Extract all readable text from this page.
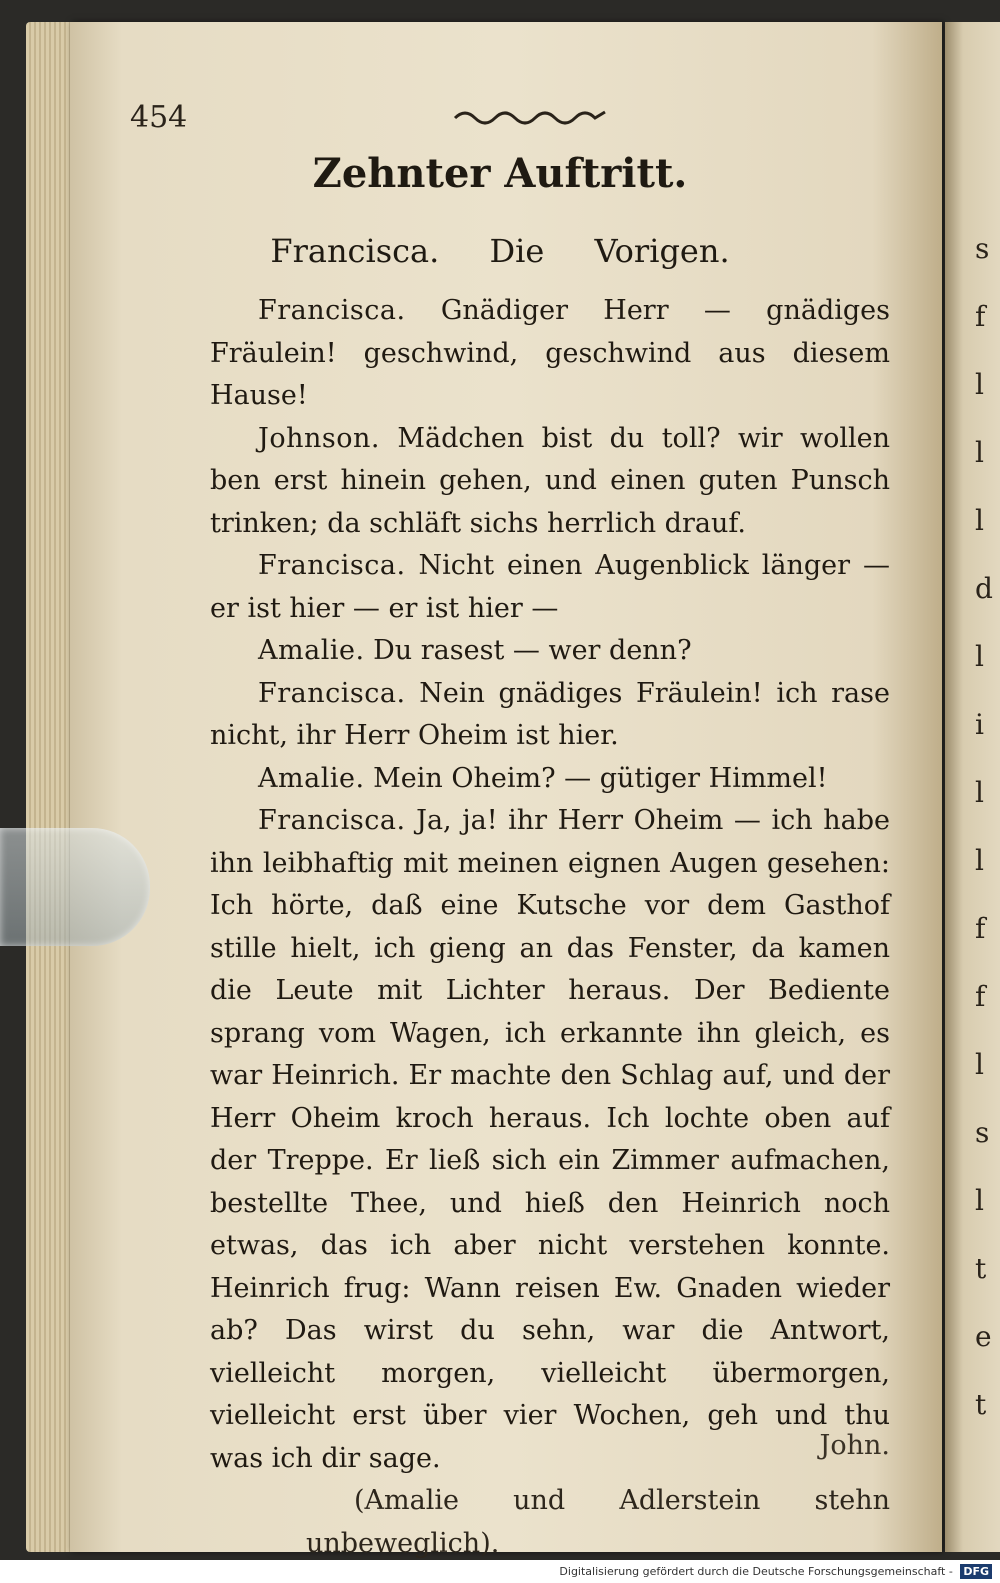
s
f
l
l
l
d
l
i
l
l
f
f
l
s
l
t
e
t
454
Zehnter Auftritt.
Francisca. Die Vorigen.

Francisca. Gnädiger Herr — gnädiges Fräulein! geschwind, geschwind aus diesem Hause!

Johnson. Mädchen bist du toll? wir wollen ben erst hinein gehen, und einen guten Punsch trinken; da schläft sichs herrlich drauf.

Francisca. Nicht einen Augenblick länger — er ist hier — er ist hier —

Amalie. Du rasest — wer denn?

Francisca. Nein gnädiges Fräulein! ich rase nicht, ihr Herr Oheim ist hier.

Amalie. Mein Oheim? — gütiger Himmel!

Francisca. Ja, ja! ihr Herr Oheim — ich habe ihn leibhaftig mit meinen eignen Augen gesehen: Ich hörte, daß eine Kutsche vor dem Gasthof stille hielt, ich gieng an das Fenster, da kamen die Leute mit Lichter heraus. Der Bediente sprang vom Wagen, ich erkannte ihn gleich, es war Heinrich. Er machte den Schlag auf, und der Herr Oheim kroch heraus. Ich lochte oben auf der Treppe. Er ließ sich ein Zimmer aufmachen, bestellte Thee, und hieß den Heinrich noch etwas, das ich aber nicht verstehen konnte. Heinrich frug: Wann reisen Ew. Gnaden wieder ab? Das wirst du sehn, war die Antwort, vielleicht morgen, vielleicht übermorgen, vielleicht erst über vier Wochen, geh und thu was ich dir sage.

(Amalie und Adlerstein stehn unbeweglich).

John.
Digitalisierung gefördert durch die Deutsche Forschungsgemeinschaft - DFG
